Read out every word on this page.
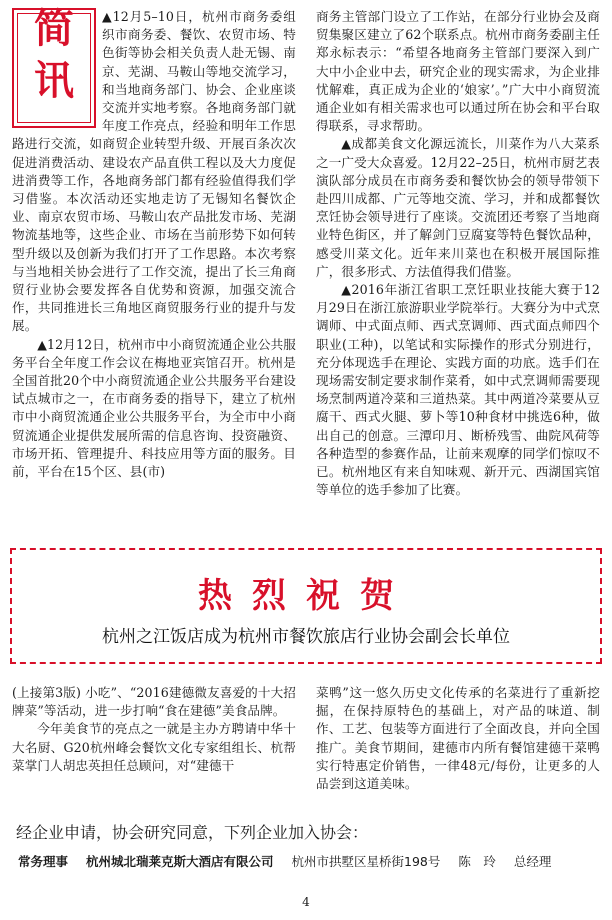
简
讯

▲12月5–10日，杭州市商务委组织市商务委、餐饮、农贸市场、特色街等协会相关负责人赴无锡、南京、芜湖、马鞍山等地交流学习，和当地商务部门、协会、企业座谈交流并实地考察。各地商务部门就年度工作亮点，经验和明年工作思路进行交流，如商贸企业转型升级、开展百条次次促进消费活动、建设农产品直供工程以及大力度促进消费等工作，各地商务部门都有经验值得我们学习借鉴。本次活动还实地走访了无锡知名餐饮企业、南京农贸市场、马鞍山农产品批发市场、芜湖物流基地等，这些企业、市场在当前形势下如何转型升级以及创新为我们打开了工作思路。本次考察与当地相关协会进行了工作交流，提出了长三角商贸行业协会要发挥各自优势和资源，加强交流合作，共同推进长三角地区商贸服务行业的提升与发展。

▲12月12日，杭州市中小商贸流通企业公共服务平台全年度工作会议在梅地亚宾馆召开。杭州是全国首批20个中小商贸流通企业公共服务平台建设试点城市之一，在市商务委的指导下，建立了杭州市中小商贸流通企业公共服务平台，为全市中小商贸流通企业提供发展所需的信息咨询、投资融资、市场开拓、管理提升、科技应用等方面的服务。目前，平台在15个区、县(市)

商务主管部门设立了工作站，在部分行业协会及商贸集聚区建立了62个联系点。杭州市商务委副主任郑永标表示：“希望各地商务主管部门要深入到广大中小企业中去，研究企业的现实需求，为企业排忧解难，真正成为企业的‘娘家’。”广大中小商贸流通企业如有相关需求也可以通过所在协会和平台取得联系，寻求帮助。

▲成都美食文化源远流长，川菜作为八大菜系之一广受大众喜爱。12月22–25日，杭州市厨艺表演队部分成员在市商务委和餐饮协会的领导带领下赴四川成都、广元等地交流、学习，并和成都餐饮烹饪协会领导进行了座谈。交流团还考察了当地商业特色街区，并了解剑门豆腐宴等特色餐饮品种，感受川菜文化。近年来川菜也在积极开展国际推广，很多形式、方法值得我们借鉴。

▲2016年浙江省职工烹饪职业技能大赛于12月29日在浙江旅游职业学院举行。大赛分为中式烹调师、中式面点师、西式烹调师、西式面点师四个职业(工种)，以笔试和实际操作的形式分别进行，充分体现选手在理论、实践方面的功底。选手们在现场需安制定要求制作菜肴，如中式烹调师需要现场烹制两道冷菜和三道热菜。其中两道冷菜要从豆腐干、西式火腿、萝卜等10种食材中挑选6种，做出自己的创意。三潭印月、断桥残雪、曲院风荷等各种造型的参赛作品，让前来观摩的同学们惊叹不已。杭州地区有来自知味观、新开元、西湖国宾馆等单位的选手参加了比赛。

热烈祝贺
杭州之江饭店成为杭州市餐饮旅店行业协会副会长单位

(上接第3版) 小吃”、“2016建德微友喜爱的十大招牌菜”等活动，进一步打响“食在建德”美食品牌。

今年美食节的亮点之一就是主办方聘请中华十大名厨、G20杭州峰会餐饮文化专家组组长、杭帮菜掌门人胡忠英担任总顾问，对“建德干

菜鸭”这一悠久历史文化传承的名菜进行了重新挖掘，在保持原特色的基础上，对产品的味道、制作、工艺、包装等方面进行了全面改良，并向全国推广。美食节期间，建德市内所有餐馆建德干菜鸭实行特惠定价销售，一律48元/每份，让更多的人品尝到这道美味。

经企业申请，协会研究同意，下列企业加入协会：
常务理事 杭州城北瑞莱克斯大酒店有限公司 杭州市拱墅区星桥街198号 陈　玲 总经理
4
